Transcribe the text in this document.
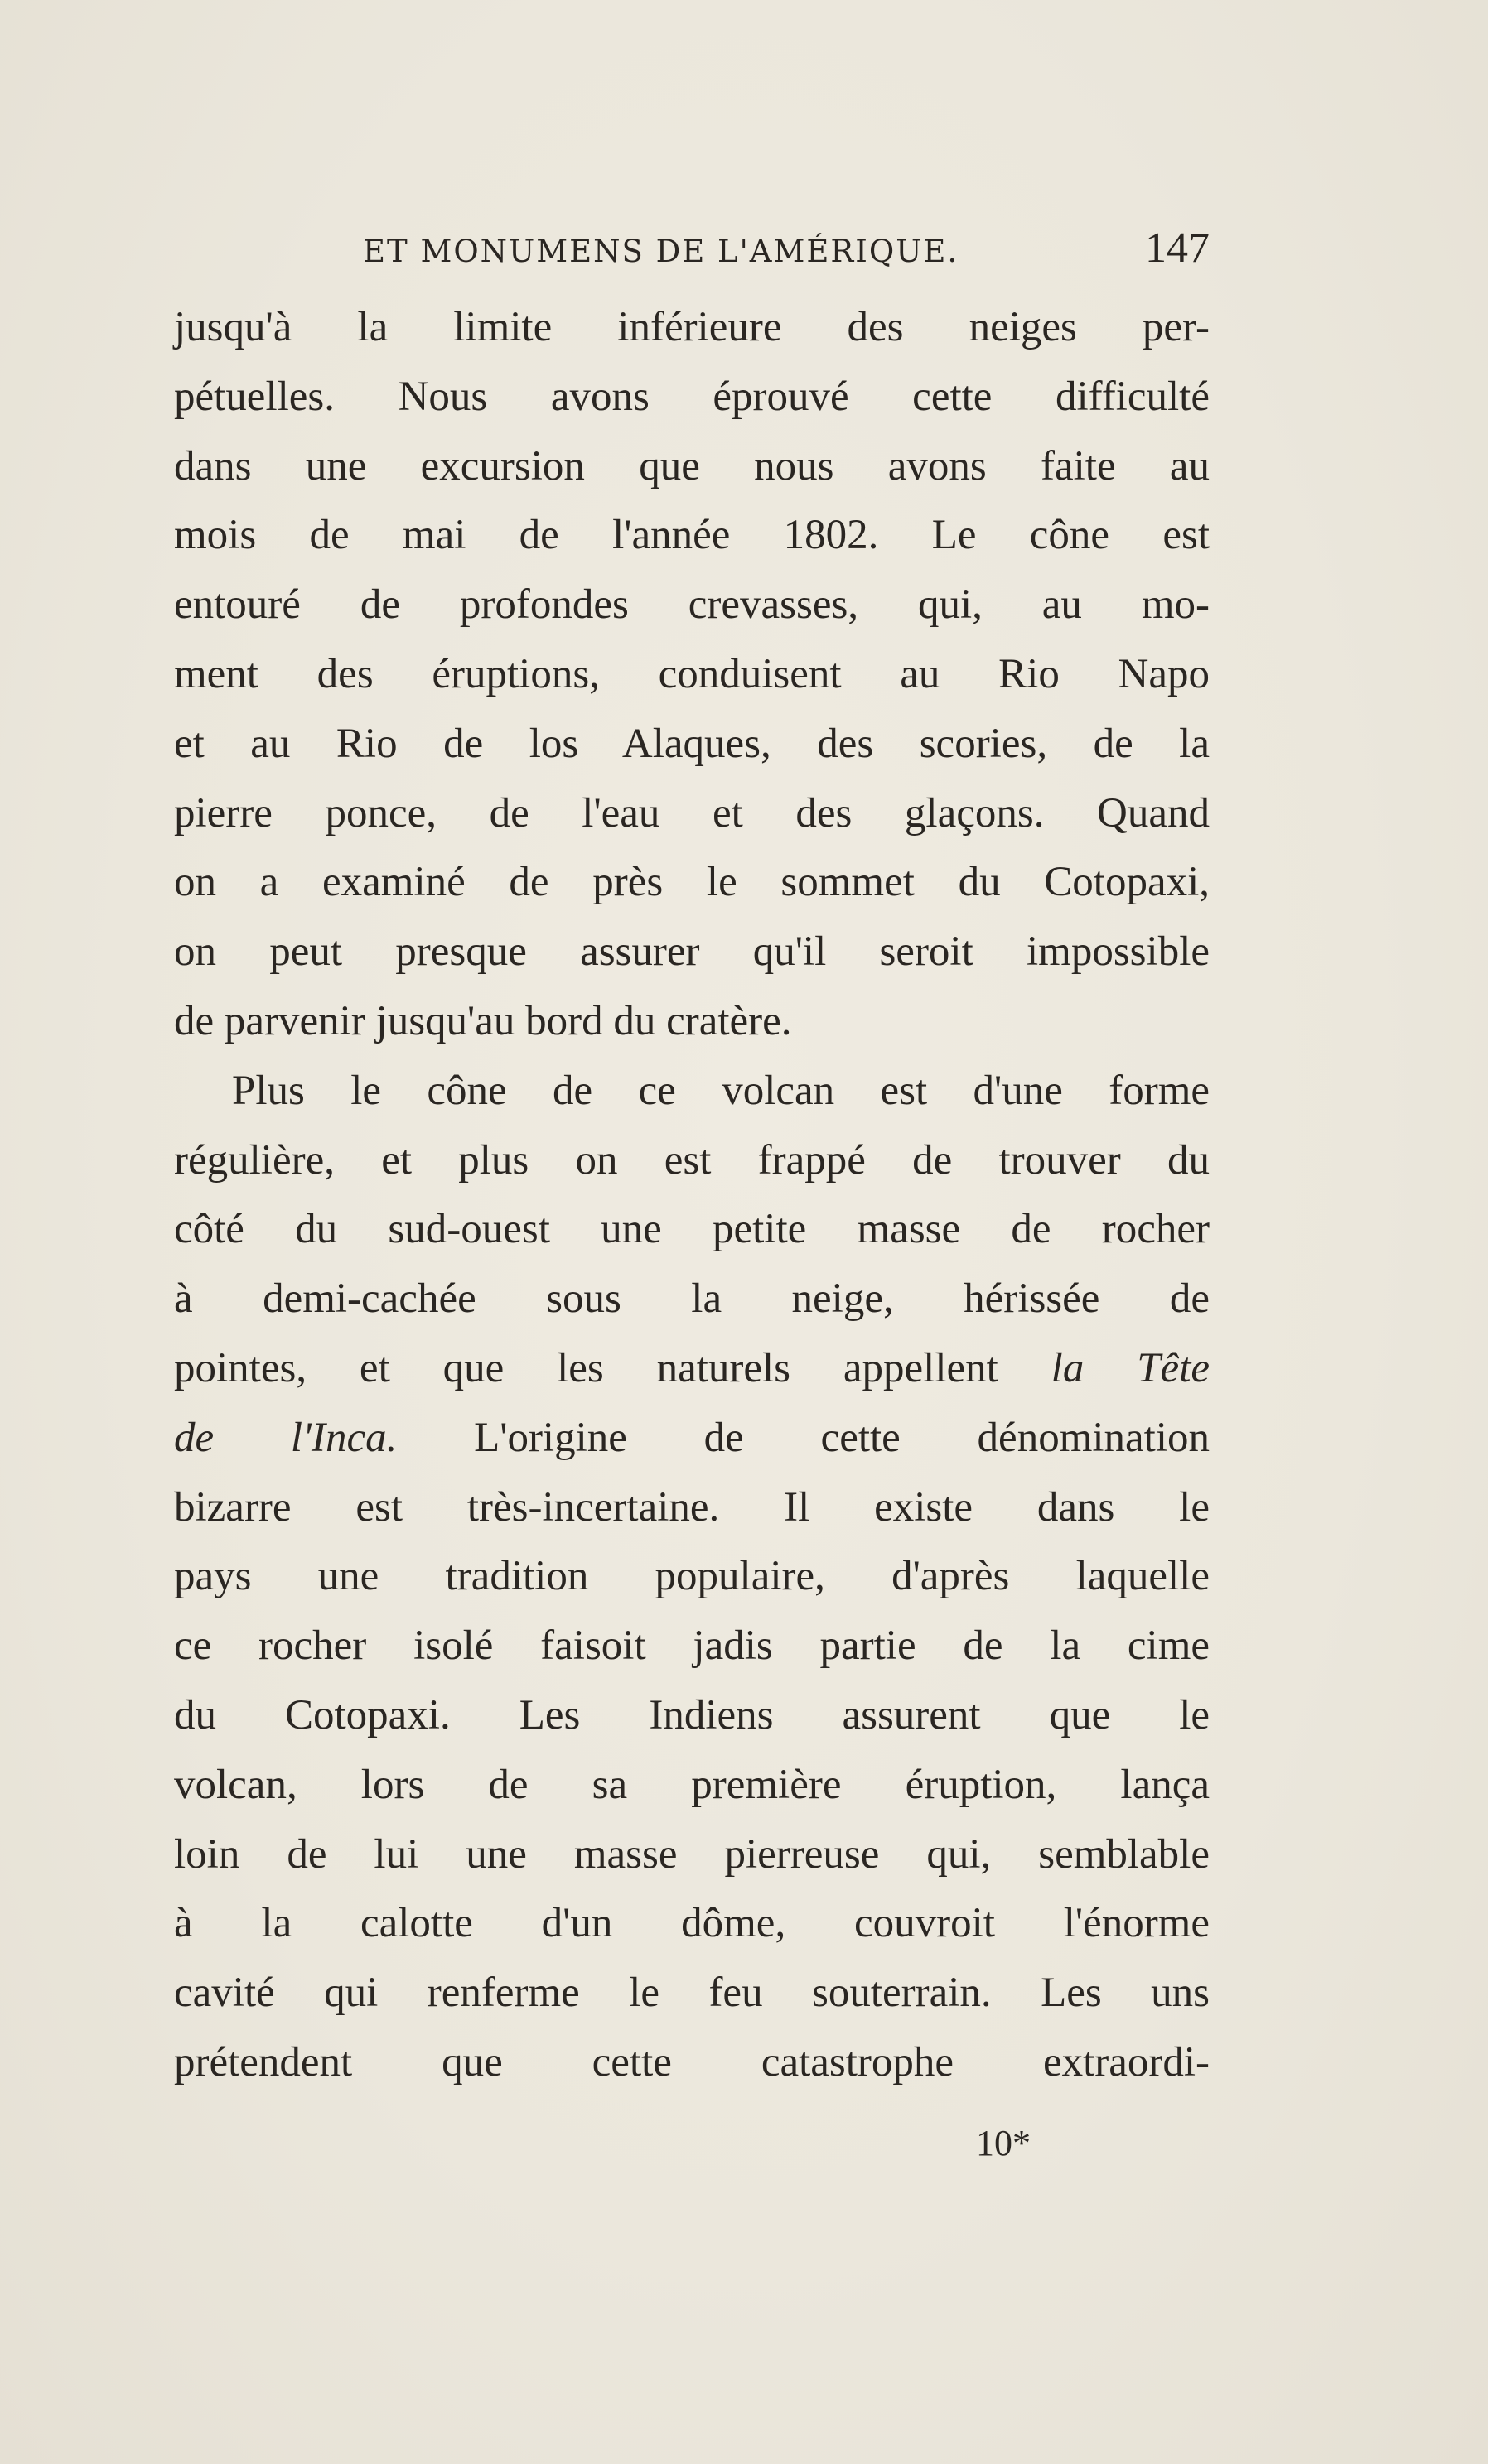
ET MONUMENS DE L'AMÉRIQUE.	147
jusqu'à la limite inférieure des neiges per-
pétuelles. Nous avons éprouvé cette difficulté
dans une excursion que nous avons faite au
mois de mai de l'année 1802. Le cône est
entouré de profondes crevasses, qui, au mo-
ment des éruptions, conduisent au Rio Napo
et au Rio de los Alaques, des scories, de la
pierre ponce, de l'eau et des glaçons. Quand
on a examiné de près le sommet du Cotopaxi,
on peut presque assurer qu'il seroit impossible
de parvenir jusqu'au bord du cratère.
Plus le cône de ce volcan est d'une forme
régulière, et plus on est frappé de trouver du
côté du sud-ouest une petite masse de rocher
à demi-cachée sous la neige, hérissée de
pointes, et que les naturels appellent la Tête
de l'Inca. L'origine de cette dénomination
bizarre est très-incertaine. Il existe dans le
pays une tradition populaire, d'après laquelle
ce rocher isolé faisoit jadis partie de la cime
du Cotopaxi. Les Indiens assurent que le
volcan, lors de sa première éruption, lança
loin de lui une masse pierreuse qui, semblable
à la calotte d'un dôme, couvroit l'énorme
cavité qui renferme le feu souterrain. Les uns
prétendent que cette catastrophe extraordi-
10*
